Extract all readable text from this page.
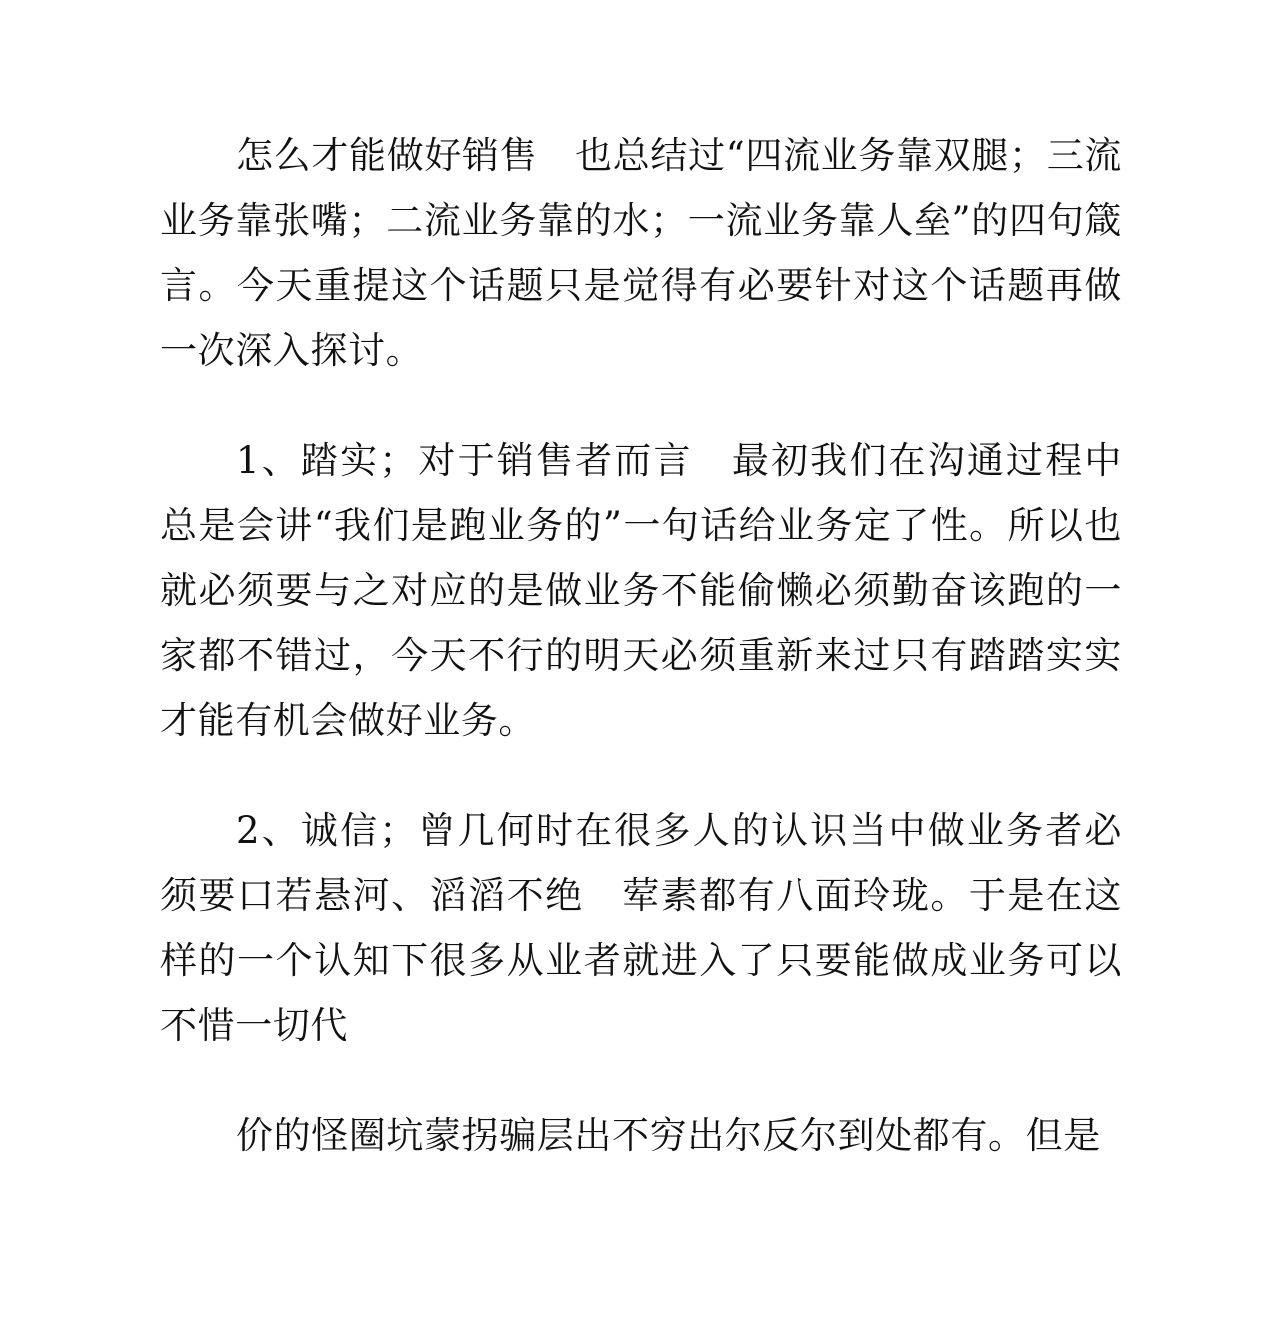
怎么才能做好销售　也总结过“四流业务靠双腿；三流业务靠张嘴；二流业务靠的水；一流业务靠人垒”的四句箴言。今天重提这个话题只是觉得有必要针对这个话题再做一次深入探讨。

1、踏实；对于销售者而言　最初我们在沟通过程中总是会讲“我们是跑业务的”一句话给业务定了性。所以也就必须要与之对应的是做业务不能偷懒必须勤奋该跑的一家都不错过，今天不行的明天必须重新来过只有踏踏实实才能有机会做好业务。

2、诚信；曾几何时在很多人的认识当中做业务者必须要口若悬河、滔滔不绝　荤素都有八面玲珑。于是在这样的一个认知下很多从业者就进入了只要能做成业务可以不惜一切代

价的怪圈坑蒙拐骗层出不穷出尔反尔到处都有。但是
